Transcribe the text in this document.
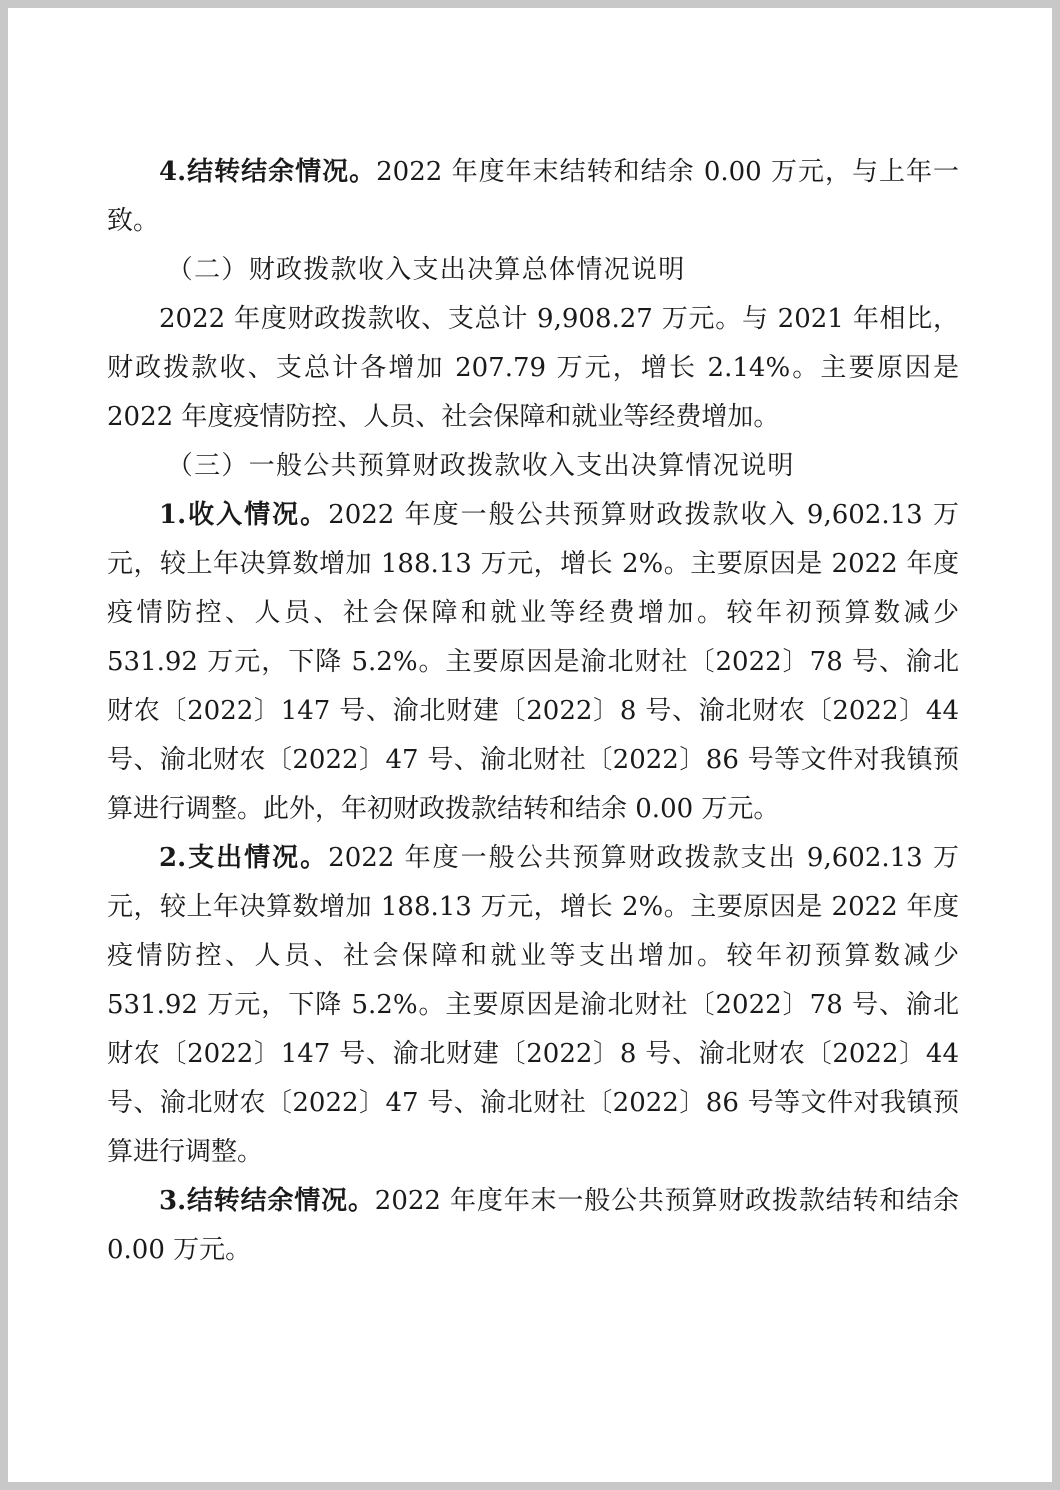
4.结转结余情况。2022 年度年末结转和结余 0.00 万元，与上年一致。

（二）财政拨款收入支出决算总体情况说明

2022 年度财政拨款收、支总计 9,908.27 万元。与 2021 年相比，财政拨款收、支总计各增加 207.79 万元，增长 2.14%。主要原因是 2022 年度疫情防控、人员、社会保障和就业等经费增加。

（三）一般公共预算财政拨款收入支出决算情况说明

1.收入情况。2022 年度一般公共预算财政拨款收入 9,602.13 万元，较上年决算数增加 188.13 万元，增长 2%。主要原因是 2022 年度疫情防控、人员、社会保障和就业等经费增加。较年初预算数减少 531.92 万元，下降 5.2%。主要原因是渝北财社〔2022〕78 号、渝北财农〔2022〕147 号、渝北财建〔2022〕8 号、渝北财农〔2022〕44 号、渝北财农〔2022〕47 号、渝北财社〔2022〕86 号等文件对我镇预算进行调整。此外，年初财政拨款结转和结余 0.00 万元。

2.支出情况。2022 年度一般公共预算财政拨款支出 9,602.13 万元，较上年决算数增加 188.13 万元，增长 2%。主要原因是 2022 年度疫情防控、人员、社会保障和就业等支出增加。较年初预算数减少 531.92 万元，下降 5.2%。主要原因是渝北财社〔2022〕78 号、渝北财农〔2022〕147 号、渝北财建〔2022〕8 号、渝北财农〔2022〕44 号、渝北财农〔2022〕47 号、渝北财社〔2022〕86 号等文件对我镇预算进行调整。

3.结转结余情况。2022 年度年末一般公共预算财政拨款结转和结余 0.00 万元。
